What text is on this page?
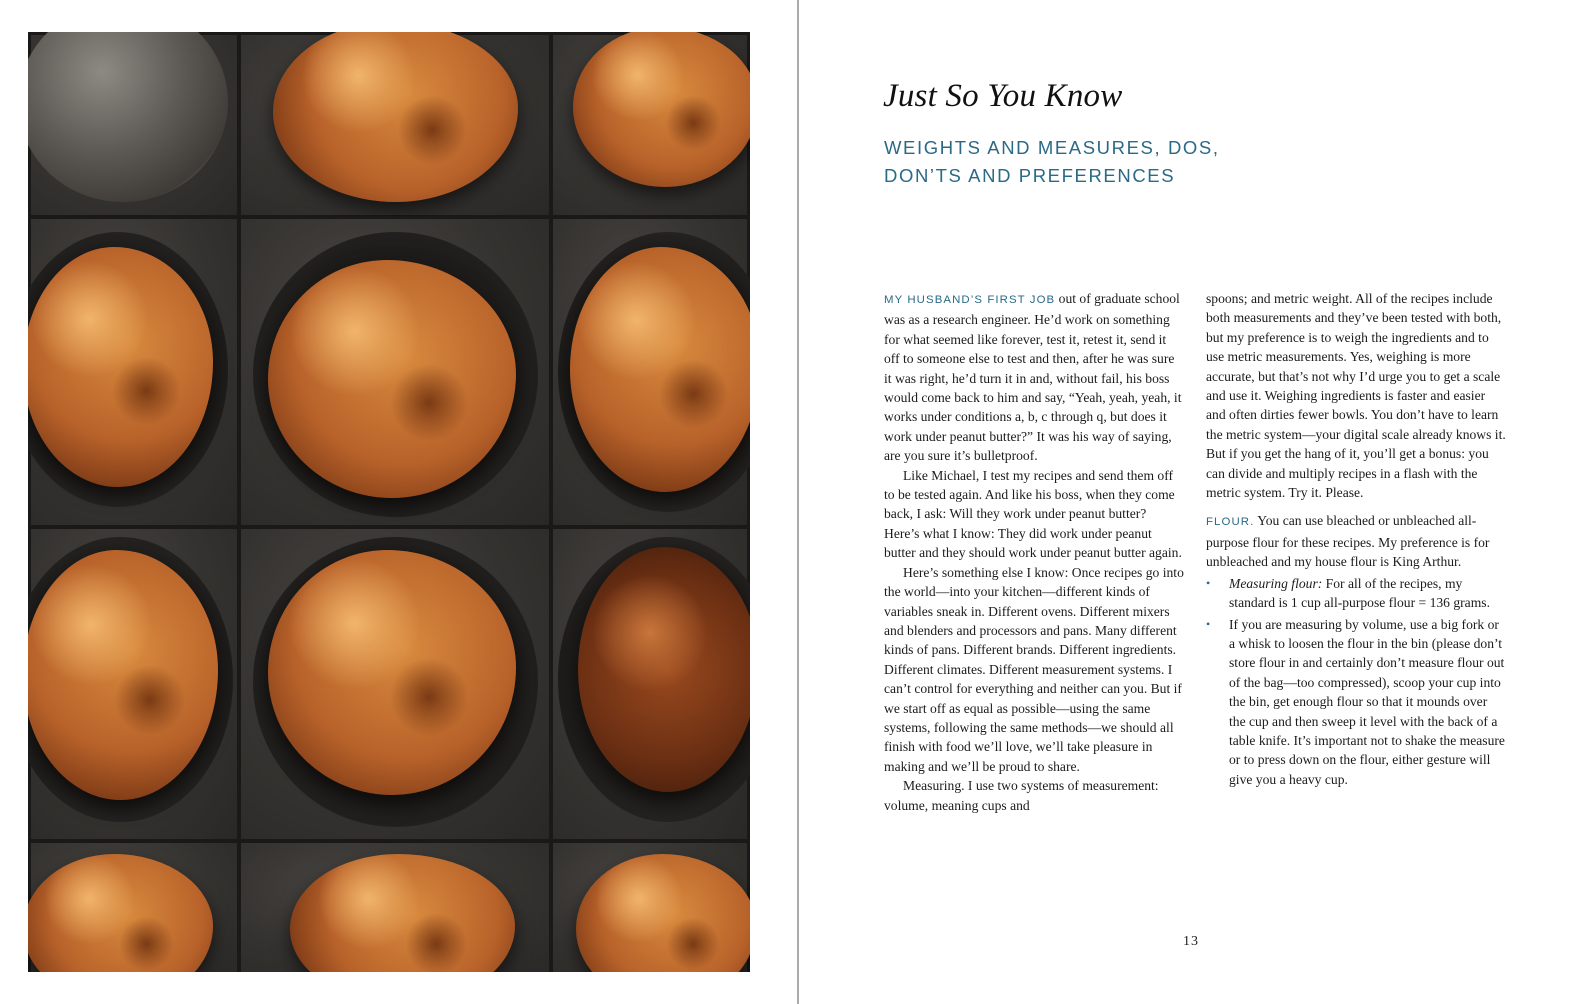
Just So You Know
WEIGHTS AND MEASURES, DOS, DON’TS AND PREFERENCES

MY HUSBAND’S FIRST JOB out of graduate school was as a research engineer. He’d work on something for what seemed like forever, test it, retest it, send it off to someone else to test and then, after he was sure it was right, he’d turn it in and, without fail, his boss would come back to him and say, “Yeah, yeah, yeah, it works under conditions a, b, c through q, but does it work under peanut butter?” It was his way of saying, are you sure it’s bulletproof.

Like Michael, I test my recipes and send them off to be tested again. And like his boss, when they come back, I ask: Will they work under peanut butter? Here’s what I know: They did work under peanut butter and they should work under peanut butter again.

Here’s something else I know: Once recipes go into the world—into your kitchen—different kinds of variables sneak in. Different ovens. Different mixers and blenders and processors and pans. Many different kinds of pans. Different brands. Different ingredients. Different climates. Different measurement systems. I can’t control for everything and neither can you. But if we start off as equal as possible—using the same systems, following the same methods—we should all finish with food we’ll love, we’ll take pleasure in making and we’ll be proud to share.

Measuring. I use two systems of measurement: volume, meaning cups and

spoons; and metric weight. All of the recipes include both measurements and they’ve been tested with both, but my preference is to weigh the ingredients and to use metric measurements. Yes, weighing is more accurate, but that’s not why I’d urge you to get a scale and use it. Weighing ingredients is faster and easier and often dirties fewer bowls. You don’t have to learn the metric system—your digital scale already knows it. But if you get the hang of it, you’ll get a bonus: you can divide and multiply recipes in a flash with the metric system. Try it. Please.

FLOUR. You can use bleached or unbleached all-purpose flour for these recipes. My preference is for unbleached and my house flour is King Arthur.

• Measuring flour: For all of the recipes, my standard is 1 cup all-purpose flour = 136 grams.
• If you are measuring by volume, use a big fork or a whisk to loosen the flour in the bin (please don’t store flour in and certainly don’t measure flour out of the bag—too compressed), scoop your cup into the bin, get enough flour so that it mounds over the cup and then sweep it level with the back of a table knife. It’s important not to shake the measure or to press down on the flour, either gesture will give you a heavy cup.
13
